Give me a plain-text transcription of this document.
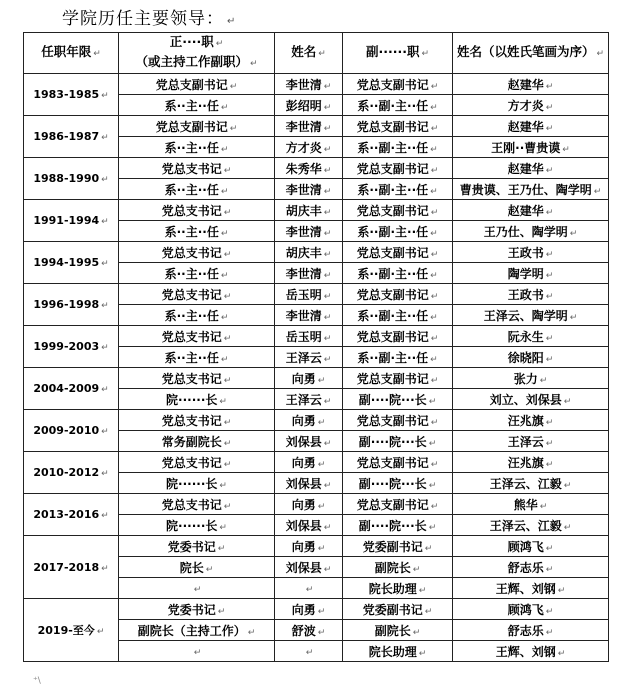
学院历任主要领导： ↵
任职年限 ↵	正····职 ↵
（或主持工作副职） ↵	姓名 ↵	副······职 ↵	姓名（以姓氏笔画为序） ↵
1983-1985 ↵	党总支副书记 ↵	李世清 ↵	党总支副书记 ↵	赵建华 ↵
	系··主··任 ↵	彭绍明 ↵	系··副·主··任 ↵	方才炎 ↵
1986-1987 ↵	党总支副书记 ↵	李世清 ↵	党总支副书记 ↵	赵建华 ↵
	系··主··任 ↵	方才炎 ↵	系··副·主··任 ↵	王刚··曹贵谟 ↵
1988-1990 ↵	党总支书记 ↵	朱秀华 ↵	党总支副书记 ↵	赵建华 ↵
	系··主··任 ↵	李世清 ↵	系··副·主··任 ↵	曹贵谟、王乃仕、陶学明 ↵
1991-1994 ↵	党总支书记 ↵	胡庆丰 ↵	党总支副书记 ↵	赵建华 ↵
	系··主··任 ↵	李世清 ↵	系··副·主··任 ↵	王乃仕、陶学明 ↵
1994-1995 ↵	党总支书记 ↵	胡庆丰 ↵	党总支副书记 ↵	王政书 ↵
	系··主··任 ↵	李世清 ↵	系··副·主··任 ↵	陶学明 ↵
1996-1998 ↵	党总支书记 ↵	岳玉明 ↵	党总支副书记 ↵	王政书 ↵
	系··主··任 ↵	李世清 ↵	系··副·主··任 ↵	王泽云、陶学明 ↵
1999-2003 ↵	党总支书记 ↵	岳玉明 ↵	党总支副书记 ↵	阮永生 ↵
	系··主··任 ↵	王泽云 ↵	系··副·主··任 ↵	徐晓阳 ↵
2004-2009 ↵	党总支书记 ↵	向勇 ↵	党总支副书记 ↵	张力 ↵
	院······长 ↵	王泽云 ↵	副····院···长 ↵	刘立、刘保县 ↵
2009-2010 ↵	党总支书记 ↵	向勇 ↵	党总支副书记 ↵	汪兆旗 ↵
	常务副院长 ↵	刘保县 ↵	副····院···长 ↵	王泽云 ↵
2010-2012 ↵	党总支书记 ↵	向勇 ↵	党总支副书记 ↵	汪兆旗 ↵
	院······长 ↵	刘保县 ↵	副····院···长 ↵	王泽云、江毅 ↵
2013-2016 ↵	党总支书记 ↵	向勇 ↵	党总支副书记 ↵	熊华 ↵
	院······长 ↵	刘保县 ↵	副····院···长 ↵	王泽云、江毅 ↵
2017-2018 ↵	党委书记 ↵	向勇 ↵	党委副书记 ↵	顾鸿飞 ↵
	院长 ↵	刘保县 ↵	副院长 ↵	舒志乐 ↵
	↵	↵	院长助理 ↵	王辉、刘钢 ↵
2019-至今 ↵	党委书记 ↵	向勇 ↵	党委副书记 ↵	顾鸿飞 ↵
	副院长（主持工作） ↵	舒波 ↵	副院长 ↵	舒志乐 ↵
	↵	↵	院长助理 ↵	王辉、刘钢 ↵
⁺\
